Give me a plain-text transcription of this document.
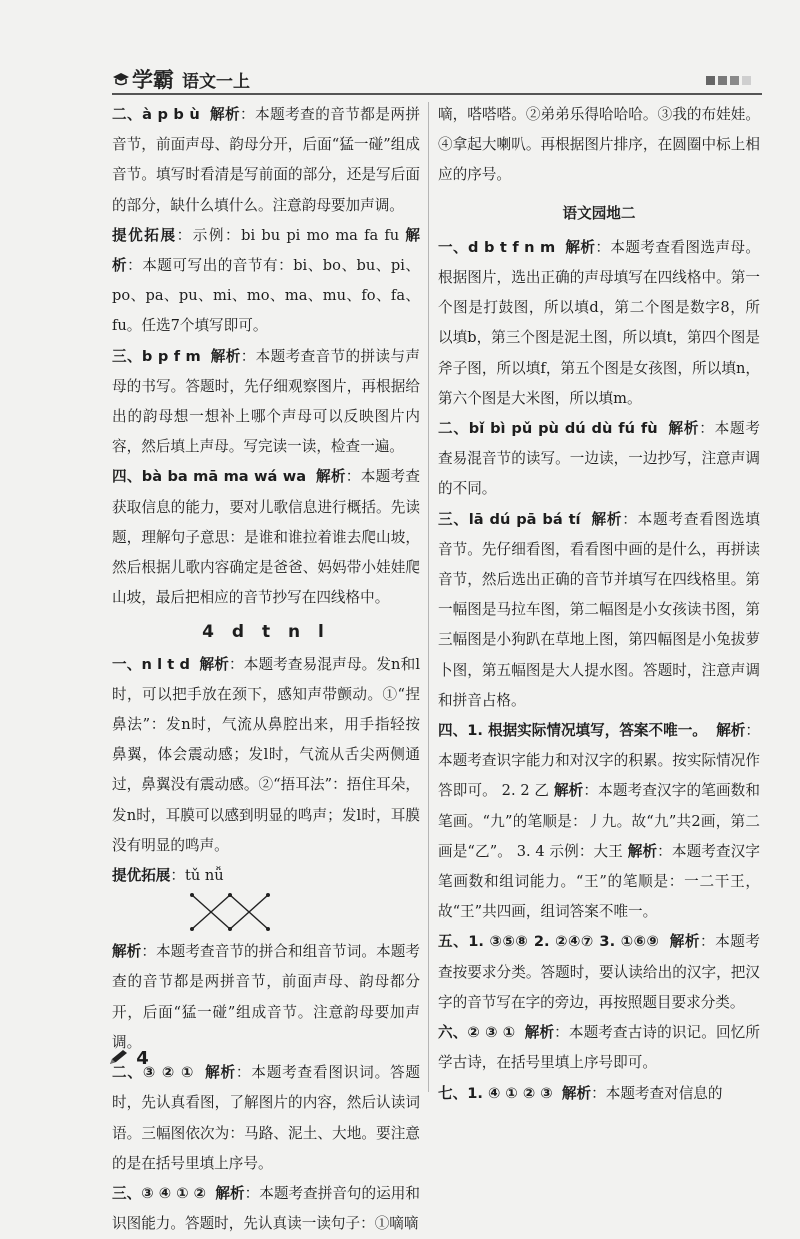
学霸 语文一上

二、à p b ù 解析：本题考查的音节都是两拼音节，前面声母、韵母分开，后面“猛一碰”组成音节。填写时看清是写前面的部分，还是写后面的部分，缺什么填什么。注意韵母要加声调。

提优拓展：示例：bi bu pi mo ma fa fu 解析：本题可写出的音节有：bi、bo、bu、pi、po、pa、pu、mi、mo、ma、mu、fo、fa、fu。任选7个填写即可。

三、b p f m 解析：本题考查音节的拼读与声母的书写。答题时，先仔细观察图片，再根据给出的韵母想一想补上哪个声母可以反映图片内容，然后填上声母。写完读一读，检查一遍。

四、bà ba mā ma wá wa 解析：本题考查获取信息的能力，要对儿歌信息进行概括。先读题，理解句子意思：是谁和谁拉着谁去爬山坡，然后根据儿歌内容确定是爸爸、妈妈带小娃娃爬山坡，最后把相应的音节抄写在四线格中。

4 d t n l

一、n l t d 解析：本题考查易混声母。发n和l时，可以把手放在颈下，感知声带颤动。①“捏鼻法”：发n时，气流从鼻腔出来，用手指轻按鼻翼，体会震动感；发l时，气流从舌尖两侧通过，鼻翼没有震动感。②“捂耳法”：捂住耳朵，发n时，耳膜可以感到明显的鸣声；发l时，耳膜没有明显的鸣声。

提优拓展：tǔ nǚ

解析：本题考查音节的拼合和组音节词。本题考查的音节都是两拼音节，前面声母、韵母都分开，后面“猛一碰”组成音节。注意韵母要加声调。

二、③ ② ① 解析：本题考查看图识词。答题时，先认真看图，了解图片的内容，然后认读词语。三幅图依次为：马路、泥土、大地。要注意的是在括号里填上序号。

三、③ ④ ① ② 解析：本题考查拼音句的运用和识图能力。答题时，先认真读一读句子：①嘀嘀

嘀，嗒嗒嗒。②弟弟乐得哈哈哈。③我的布娃娃。④拿起大喇叭。再根据图片排序，在圆圈中标上相应的序号。

语文园地二

一、d b t f n m 解析：本题考查看图选声母。根据图片，选出正确的声母填写在四线格中。第一个图是打鼓图，所以填d，第二个图是数字8，所以填b，第三个图是泥土图，所以填t，第四个图是斧子图，所以填f，第五个图是女孩图，所以填n，第六个图是大米图，所以填m。

二、bǐ bì pǔ pù dú dù fú fù 解析：本题考查易混音节的读写。一边读，一边抄写，注意声调的不同。

三、lā dú pā bá tí 解析：本题考查看图选填音节。先仔细看图，看看图中画的是什么，再拼读音节，然后选出正确的音节并填写在四线格里。第一幅图是马拉车图，第二幅图是小女孩读书图，第三幅图是小狗趴在草地上图，第四幅图是小兔拔萝卜图，第五幅图是大人提水图。答题时，注意声调和拼音占格。

四、1. 根据实际情况填写，答案不唯一。 解析：本题考查识字能力和对汉字的积累。按实际情况作答即可。 2. 2 乙 解析：本题考查汉字的笔画数和笔画。“九”的笔顺是：丿九。故“九”共2画，第二画是“乙”。 3. 4 示例：大王 解析：本题考查汉字笔画数和组词能力。“王”的笔顺是：一二干王，故“王”共四画，组词答案不唯一。

五、1. ③⑤⑧ 2. ②④⑦ 3. ①⑥⑨ 解析：本题考查按要求分类。答题时，要认读给出的汉字，把汉字的音节写在字的旁边，再按照题目要求分类。

六、② ③ ① 解析：本题考查古诗的识记。回忆所学古诗，在括号里填上序号即可。

七、1. ④ ① ② ③ 解析：本题考查对信息的

4
